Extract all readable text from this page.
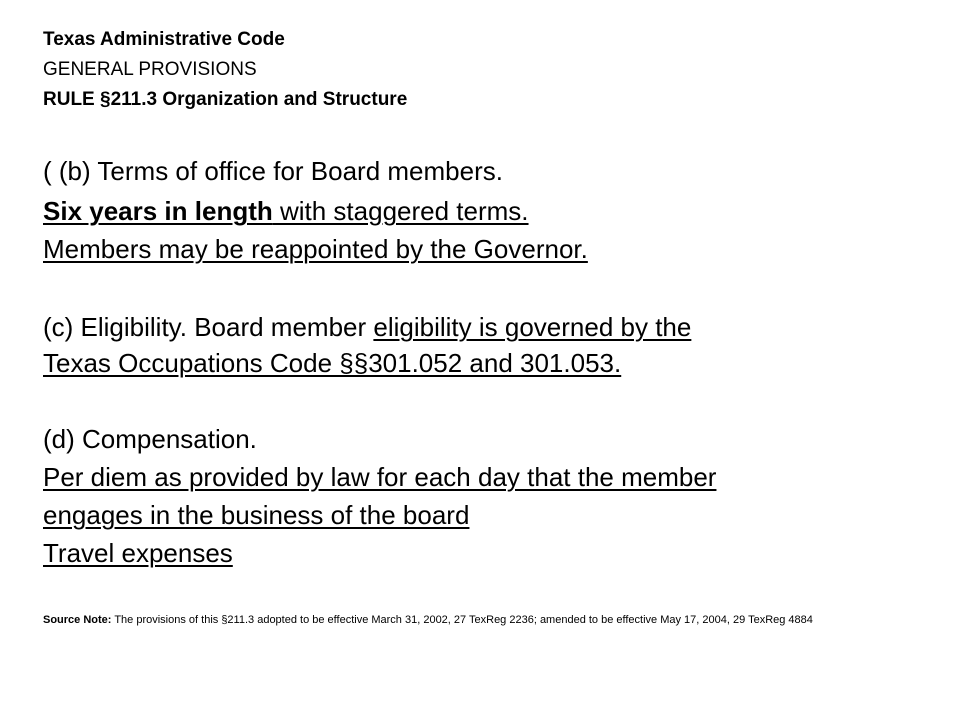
Texas Administrative Code
GENERAL PROVISIONS
RULE §211.3 Organization and Structure
( (b) Terms of office for Board members.
Six years in length with staggered terms.
Members may be reappointed by the Governor.
(c) Eligibility. Board member eligibility is governed by the
Texas Occupations Code §§301.052 and 301.053.
(d) Compensation.
Per diem as provided by law for each day that the member
engages in the business of the board
Travel expenses
Source Note: The provisions of this §211.3 adopted to be effective March 31, 2002, 27 TexReg 2236; amended to be effective May 17, 2004, 29 TexReg 4884
